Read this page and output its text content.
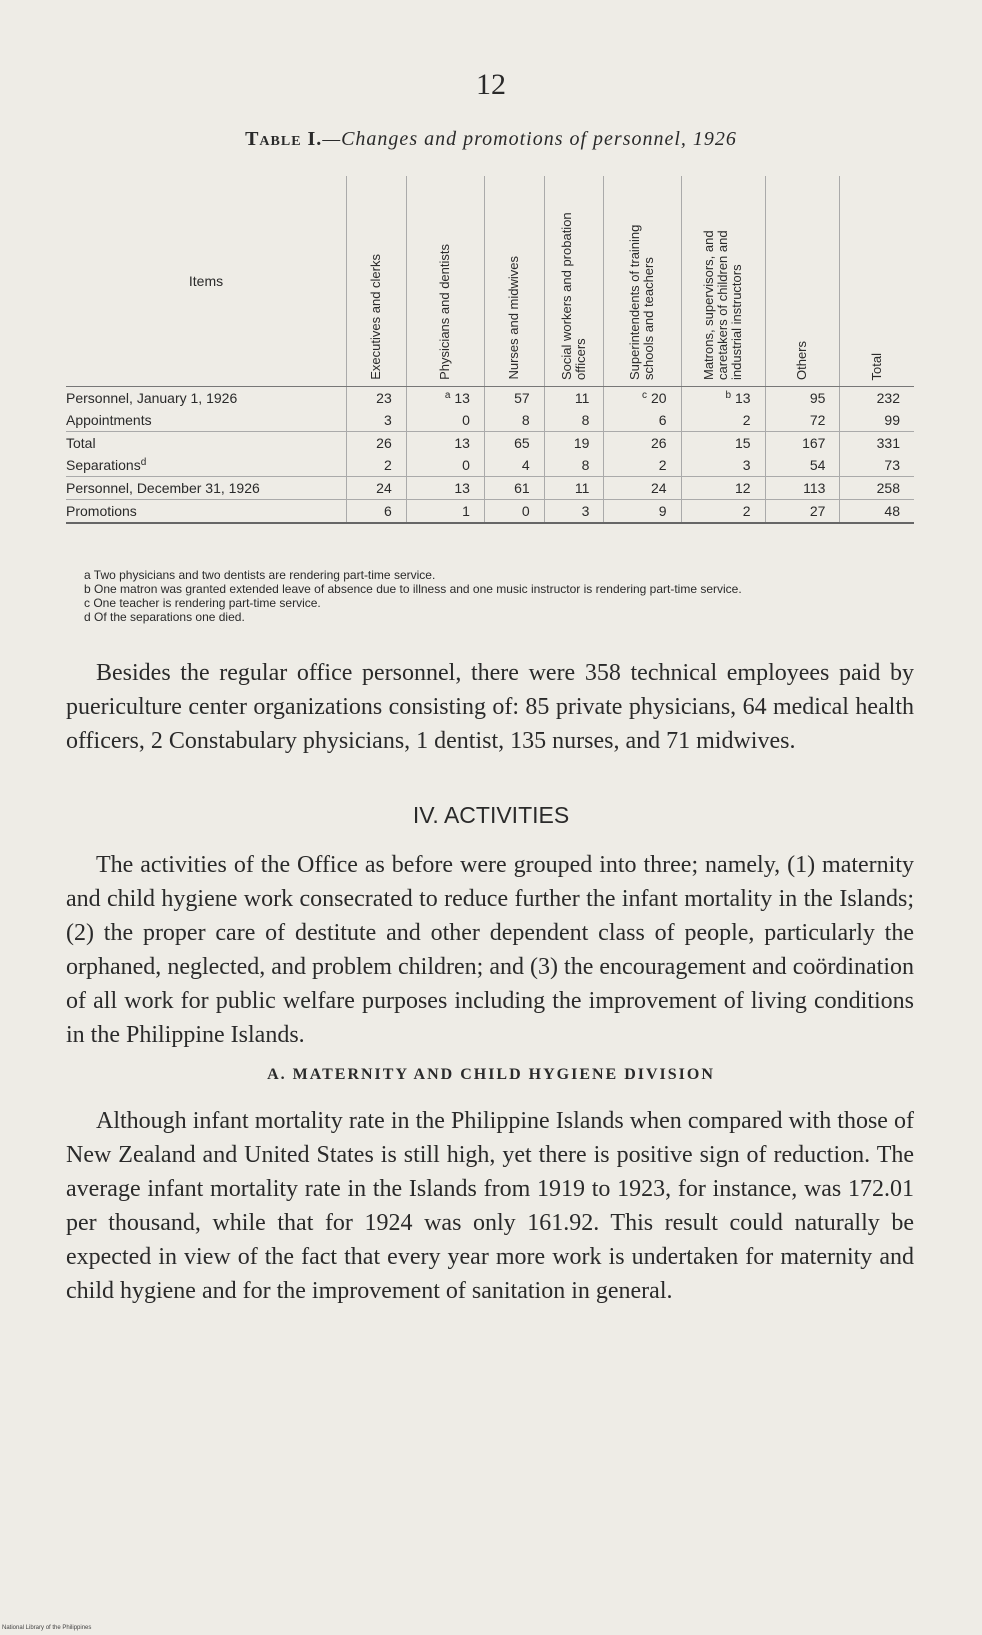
12
Table I.—Changes and promotions of personnel, 1926
Items	Executives and clerks	Physicians and dentists	Nurses and midwives	Social workers and probation officers	Superintendents of training schools and teachers	Matrons, supervisors, and caretakers of children and industrial instructors	Others	Total

Personnel, January 1, 1926	23	$^a$ 13	57	11	$^c$ 20	$^b$ 13	95	232
Appointments	3	0	8	8	6	2	72	99
Total	26	13	65	19	26	15	167	331
Separations$^d$	2	0	4	8	2	3	54	73
Personnel, December 31, 1926	24	13	61	11	24	12	113	258
Promotions	6	1	0	3	9	2	27	48

a Two physicians and two dentists are rendering part-time service.

b One matron was granted extended leave of absence due to illness and one music instructor is rendering part-time service.

c One teacher is rendering part-time service.

d Of the separations one died.

Besides the regular office personnel, there were 358 technical employees paid by puericulture center organizations consisting of: 85 private physicians, 64 medical health officers, 2 Constabulary physicians, 1 dentist, 135 nurses, and 71 midwives.

IV. ACTIVITIES

The activities of the Office as before were grouped into three; namely, (1) maternity and child hygiene work consecrated to reduce further the infant mortality in the Islands; (2) the proper care of destitute and other dependent class of people, particularly the orphaned, neglected, and problem children; and (3) the encouragement and coördination of all work for public welfare purposes including the improvement of living conditions in the Philippine Islands.

A. MATERNITY AND CHILD HYGIENE DIVISION

Although infant mortality rate in the Philippine Islands when compared with those of New Zealand and United States is still high, yet there is positive sign of reduction. The average infant mortality rate in the Islands from 1919 to 1923, for instance, was 172.01 per thousand, while that for 1924 was only 161.92. This result could naturally be expected in view of the fact that every year more work is undertaken for maternity and child hygiene and for the improvement of sanitation in general.

National Library of the Philippines
